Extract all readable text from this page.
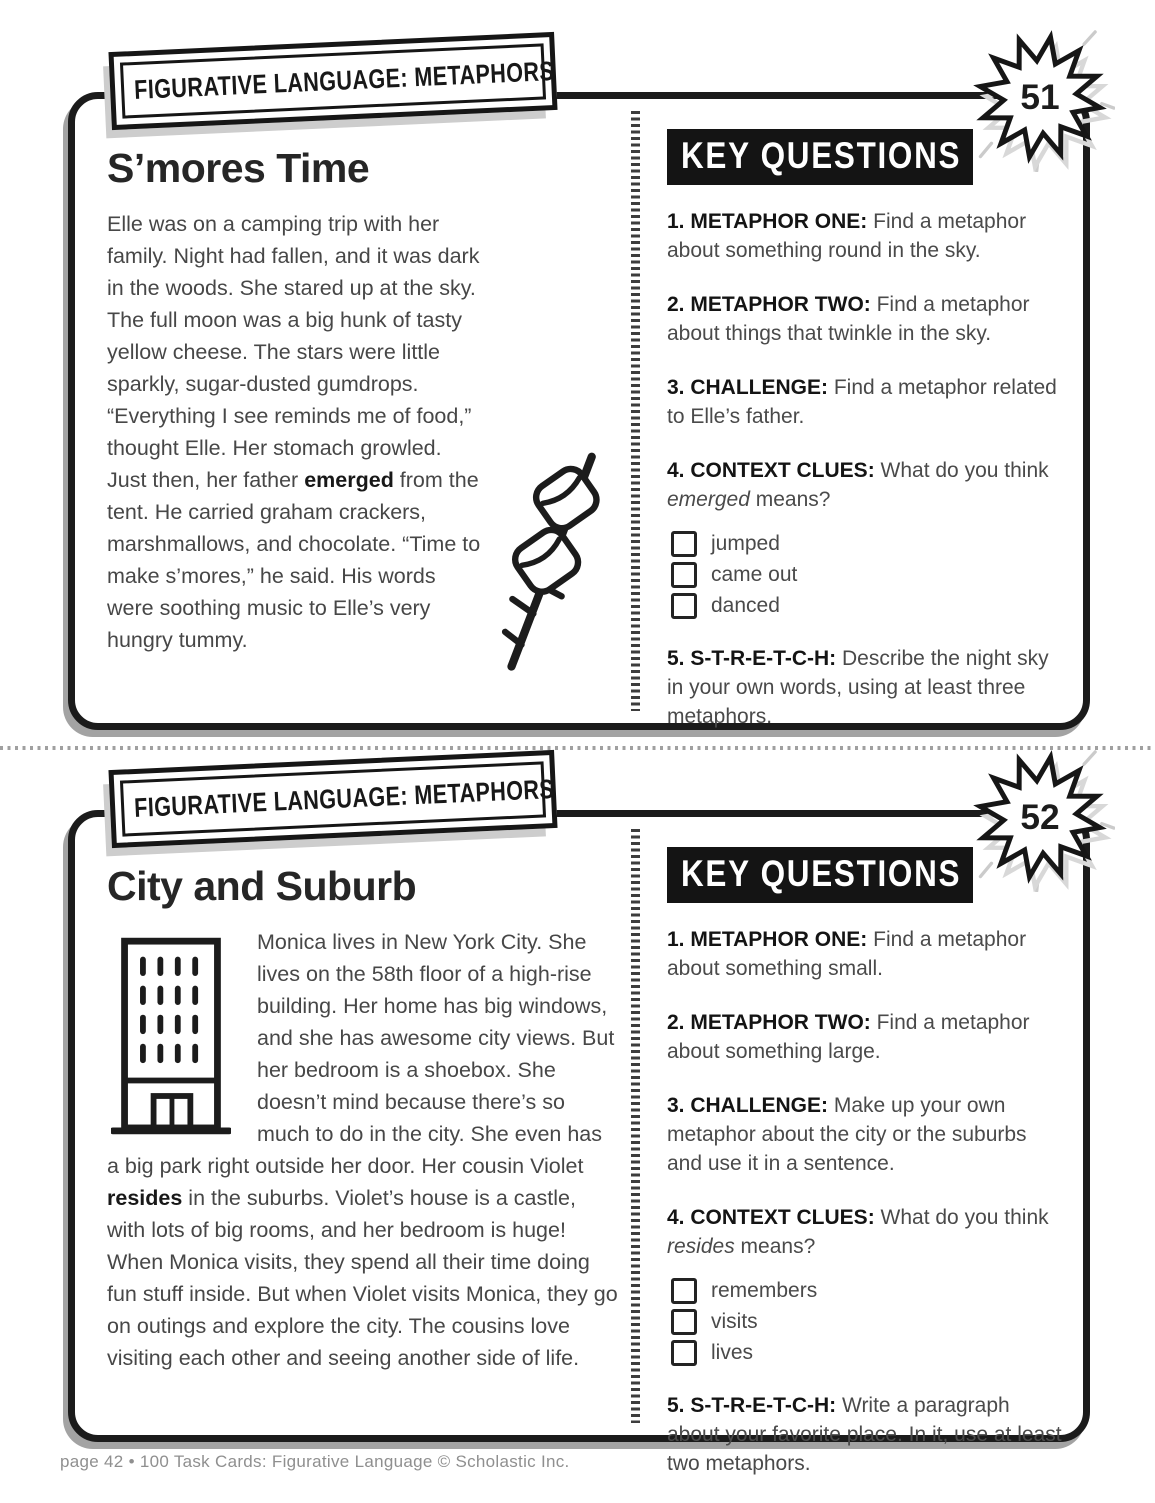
S’mores Time

Elle was on a camping trip with her family. Night had fallen, and it was dark in the woods. She stared up at the sky. The full moon was a big hunk of tasty yellow cheese. The stars were little sparkly, sugar-dusted gumdrops. “Everything I see reminds me of food,” thought Elle. Her stomach growled. Just then, her father emerged from the tent. He carried graham crackers, marshmallows, and chocolate. “Time to make s’mores,” he said. His words were soothing music to Elle’s very hungry tummy.

KEY QUESTIONS

1. METAPHOR ONE: Find a metaphor about something round in the sky.

2. METAPHOR TWO: Find a metaphor about things that twinkle in the sky.

3. CHALLENGE: Find a metaphor related to Elle’s father.

4. CONTEXT CLUES: What do you think emerged means?

jumped
came out
danced

5. S-T-R-E-T-C-H: Describe the night sky in your own words, using at least three metaphors.

FIGURATIVE LANGUAGE: METAPHORS	51
City and Suburb

Monica lives in New York City. She lives on the 58th floor of a high-rise building. Her home has big windows, and she has awesome city views. But her bedroom is a shoebox. She doesn’t mind because there’s so much to do in the city. She even has a big park right outside her door. Her cousin Violet resides in the suburbs. Violet’s house is a castle, with lots of big rooms, and her bedroom is huge! When Monica visits, they spend all their time doing fun stuff inside. But when Violet visits Monica, they go on outings and explore the city. The cousins love visiting each other and seeing another side of life.

KEY QUESTIONS

1. METAPHOR ONE: Find a metaphor about something small.

2. METAPHOR TWO: Find a metaphor about something large.

3. CHALLENGE: Make up your own metaphor about the city or the suburbs and use it in a sentence.

4. CONTEXT CLUES: What do you think resides means?

remembers
visits
lives

5. S-T-R-E-T-C-H: Write a paragraph about your favorite place. In it, use at least two metaphors.

FIGURATIVE LANGUAGE: METAPHORS	52
page 42 • 100 Task Cards: Figurative Language © Scholastic Inc.
